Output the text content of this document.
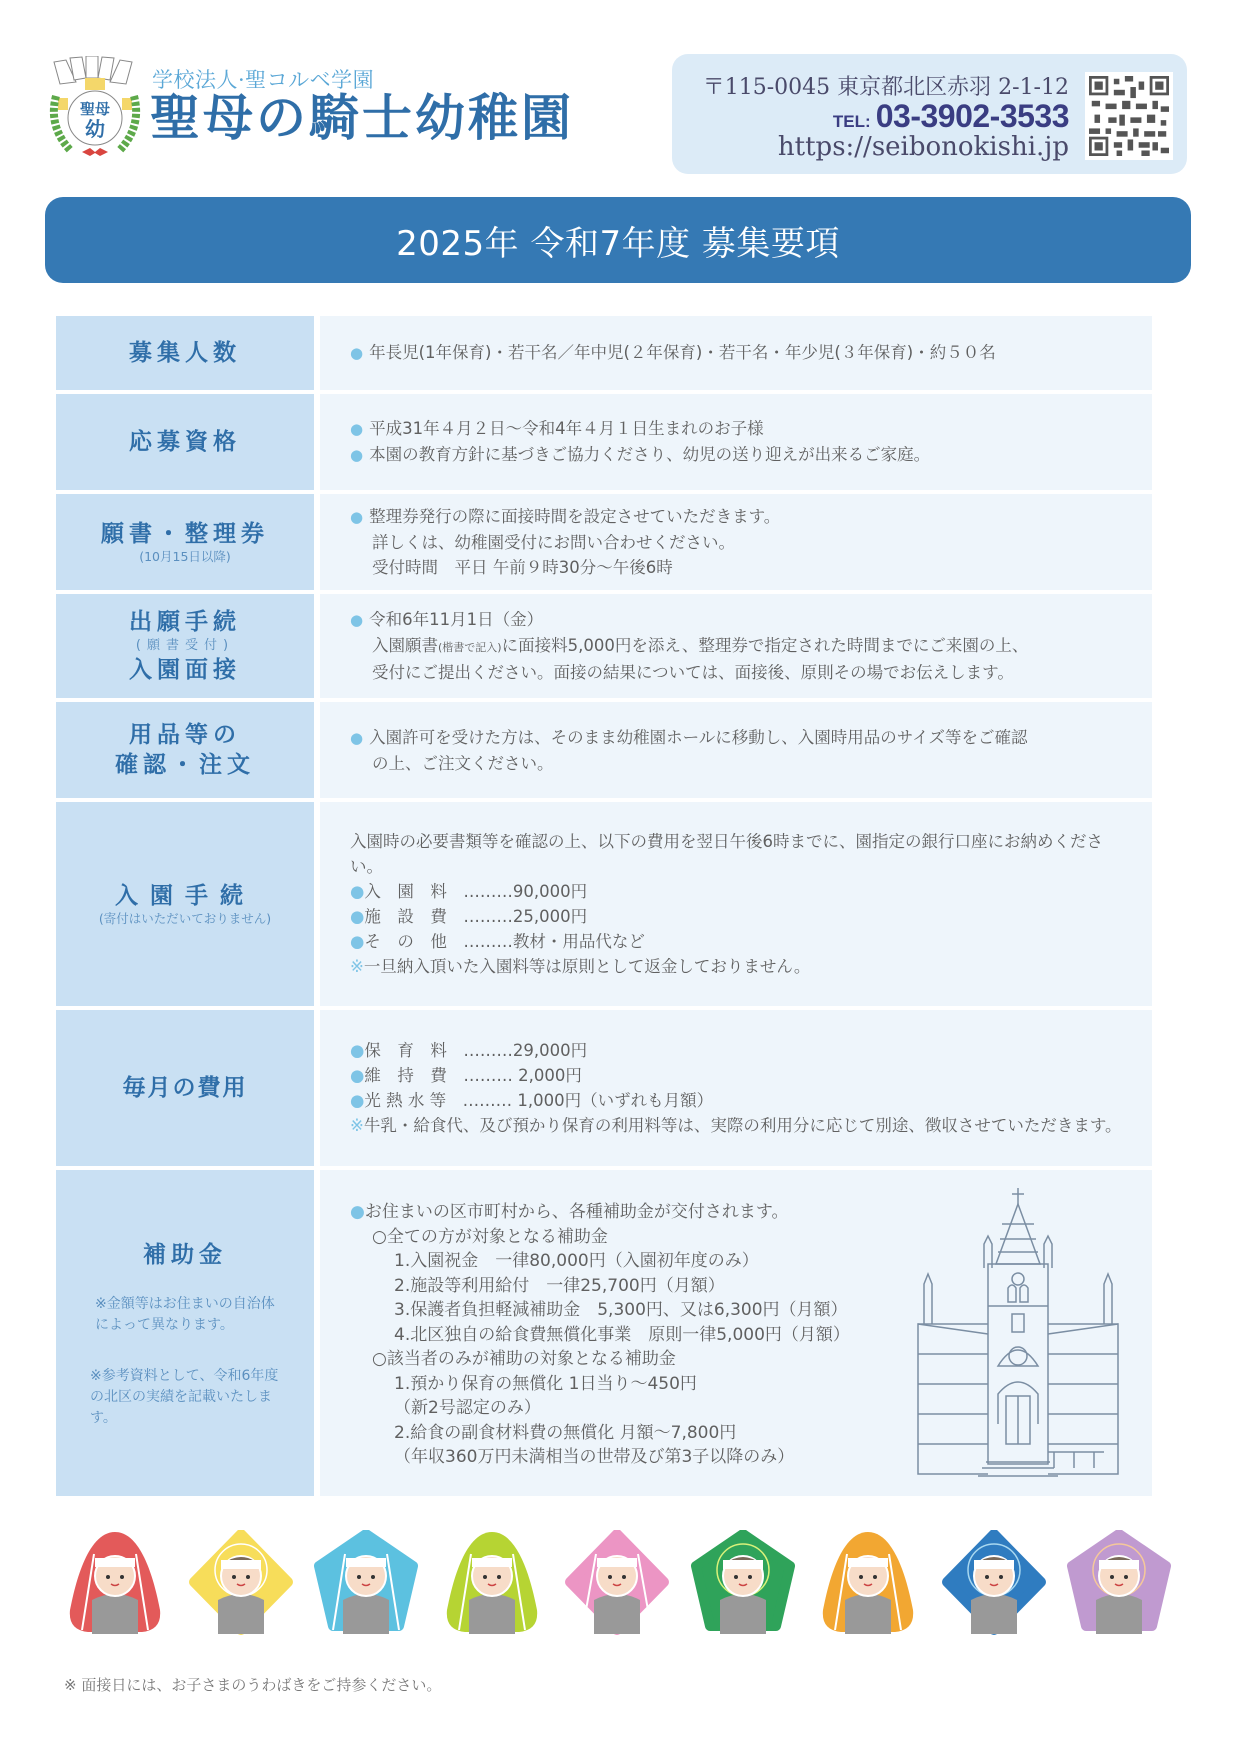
聖母
幼
学校法人·聖コルベ学園
聖母の騎士幼稚園
〒115-0045 東京都北区赤羽 2-1-12
TEL: 03-3902-3533
https://seibonokishi.jp
2025年 令和7年度 募集要項
募集人数	● 年長児(1年保育)・若干名／年中児(２年保育)・若干名・年少児(３年保育)・約５０名
応募資格
● 平成31年４月２日〜令和4年４月１日生まれのお子様
● 本園の教育方針に基づきご協力くださり、幼児の送り迎えが出来るご家庭。
願書・整理券
(10月15日以降)
● 整理券発行の際に面接時間を設定させていただきます。
詳しくは、幼稚園受付にお問い合わせください。
受付時間　平日 午前９時30分〜午後6時
出願手続
(願書受付)
入園面接
● 令和6年11月1日（金）
入園願書(楷書で記入)に面接料5,000円を添え、整理券で指定された時間までにご来園の上、
受付にご提出ください。面接の結果については、面接後、原則その場でお伝えします。
用品等の
確認・注文
● 入園許可を受けた方は、そのまま幼稚園ホールに移動し、入園時用品のサイズ等をご確認
の上、ご注文ください。
入園手続
(寄付はいただいておりません)
入園時の必要書類等を確認の上、以下の費用を翌日午後6時までに、園指定の銀行口座にお納めください。
●入　園　料　 ………90,000円
●施　設　費　 ………25,000円
●そ　の　他　 ………教材・用品代など
※一旦納入頂いた入園料等は原則として返金しておりません。
毎月の費用
●保　育　料　 ………29,000円
●維　持　費　 ……… 2,000円
●光 熱 水 等　 ……… 1,000円（いずれも月額）
※牛乳・給食代、及び預かり保育の利用料等は、実際の利用分に応じて別途、徴収させていただきます。
補助金
※金額等はお住まいの自治体によって異なります。
※参考資料として、令和6年度の北区の実績を記載いたします。
●お住まいの区市町村から、各種補助金が交付されます。
○全ての方が対象となる補助金
1.入園祝金　一律80,000円（入園初年度のみ）
2.施設等利用給付　一律25,700円（月額）
3.保護者負担軽減補助金　5,300円、又は6,300円（月額）
4.北区独自の給食費無償化事業　原則一律5,000円（月額）
○該当者のみが補助の対象となる補助金
1.預かり保育の無償化 1日当り〜450円
（新2号認定のみ）
2.給食の副食材料費の無償化 月額〜7,800円
（年収360万円未満相当の世帯及び第3子以降のみ）
※ 面接日には、お子さまのうわばきをご持参ください。
